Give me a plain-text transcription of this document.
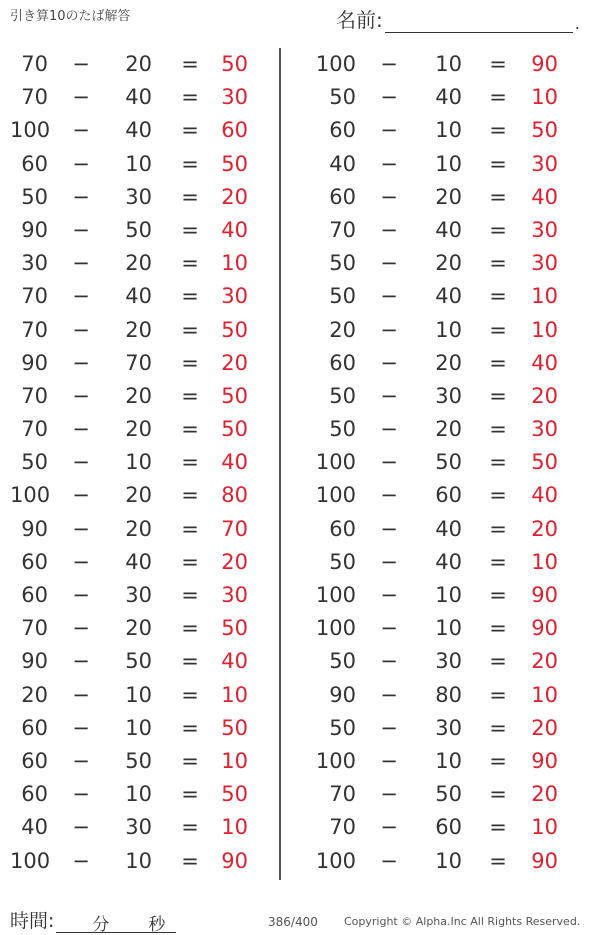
引き算10のたば解答	名前:	.
70 −	20 =	50
70 −	40 =	30
100 −	40 =	60
60 −	10 =	50
50 −	30 =	20
90 −	50 =	40
30 −	20 =	10
70 −	40 =	30
70 −	20 =	50
90 −	70 =	20
70 −	20 =	50
70 −	20 =	50
50 −	10 =	40
100 −	20 =	80
90 −	20 =	70
60 −	40 =	20
60 −	30 =	30
70 −	20 =	50
90 −	50 =	40
20 −	10 =	10
60 −	10 =	50
60 −	50 =	10
60 −	10 =	50
40 −	30 =	10
100 −	10 =	90
100 −	10 =	90
50 −	40 =	10
60 −	10 =	50
40 −	10 =	30
60 −	20 =	40
70 −	40 =	30
50 −	20 =	30
50 −	40 =	10
20 −	10 =	10
60 −	20 =	40
50 −	30 =	20
50 −	20 =	30
100 −	50 =	50
100 −	60 =	40
60 −	40 =	20
50 −	40 =	10
100 −	10 =	90
100 −	10 =	90
50 −	30 =	20
90 −	80 =	10
50 −	30 =	20
100 −	10 =	90
70 −	50 =	20
70 −	60 =	10
100 −	10 =	90
時間: 分 秒	386/400 Copyright © Alpha.Inc All Rights Reserved.
